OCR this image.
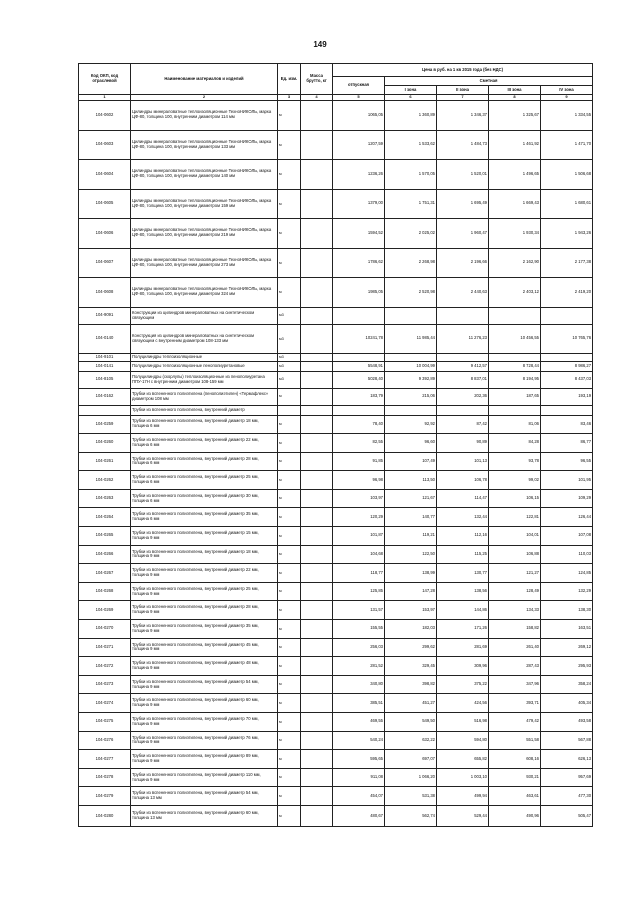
149
Код ОКП, код отраслевой	Наименование материалов и изделий	Ед. изм.	Масса брутто, кг	Цена в руб. на 1 кв 2015 года (без НДС)				
				отпускная	Сметная			
					I зона	II зона	III зона	IV зона
1	2	3	4	5	6	7	8	9
104-0602	Цилиндры минераловатные теплоизоляционные ТехноНИКОЛЬ, марка ЦФ-80, толщина 100, внутренним диаметром 114 мм	м		1065,05	1 360,89	1 346,37	1 325,67	1 334,55
104-0603	Цилиндры минераловатные теплоизоляционные ТехноНИКОЛЬ, марка ЦФ-80, толщина 100, внутренним диаметром 133 мм	м		1207,59	1 533,62	1 484,73	1 461,92	1 471,70
104-0604	Цилиндры минераловатные теплоизоляционные ТехноНИКОЛЬ, марка ЦФ-80, толщина 100, внутренним диаметром 140 мм	м		1236,26	1 570,05	1 520,01	1 496,65	1 506,68
104-0605	Цилиндры минераловатные теплоизоляционные ТехноНИКОЛЬ, марка ЦФ-80, толщина 100, внутренним диаметром 159 мм	м		1379,00	1 751,31	1 695,49	1 669,43	1 680,61
104-0606	Цилиндры минераловатные теплоизоляционные ТехноНИКОЛЬ, марка ЦФ-80, толщина 100, внутренним диаметром 219 мм	м		1594,52	2 025,02	1 960,47	1 930,34	1 943,26
104-0607	Цилиндры минераловатные теплоизоляционные ТехноНИКОЛЬ, марка ЦФ-80, толщина 100, внутренним диаметром 273 мм	м		1786,62	2 268,98	2 196,66	2 162,90	2 177,38
104-0608	Цилиндры минераловатные теплоизоляционные ТехноНИКОЛЬ, марка ЦФ-80, толщина 100, внутренним диаметром 324 мм	м		1985,05	2 520,98	2 440,63	2 403,12	2 419,20
104-9091	Конструкции из цилиндров минераловатных на синтетическом связующем	м3						
104-0140	Конструкция из цилиндров минераловатных на синтетическом связующем с внутренним диаметром 108-133 мм	м3		10241,78	11 985,44	11 276,23	10 456,55	10 765,76
104-9101	Полуцилиндры теплоизоляционные	м3						
104-0141	Полуцилиндры теплоизоляционные пенополиуретановые	м3		5548,91	10 004,99	9 412,57	8 728,44	8 986,27
104-8105	Полуцилиндры (скорлупы) теплоизоляционные из пенополиуретана ППУ-17Н с внутренним диаметром 108-159 мм	м3		5028,40	9 392,89	8 837,01	8 194,95	8 437,03
104-0162	Трубки из вспененного полиэтилена (пенополиэтилен) «Термафлекс» диаметром 108 мм	м		183,79	215,06	202,36	187,65	193,19
	Трубки из вспененного полиэтилена, внутренний диаметр							
104-0259	Трубки из вспененного полиэтилена, внутренний диаметр 18 мм, толщина 6 мм	м		78,40	92,92	87,42	81,06	83,46
104-0260	Трубки из вспененного полиэтилена, внутренний диаметр 22 мм, толщина 6 мм	м		82,55	96,60	90,89	84,28	86,77
104-0261	Трубки из вспененного полиэтилена, внутренний диаметр 28 мм, толщина 6 мм	м		91,85	107,49	101,13	93,78	96,55
104-0262	Трубки из вспененного полиэтилена, внутренний диаметр 25 мм, толщина 6 мм	м		96,98	113,50	106,78	99,02	101,95
104-0263	Трубки из вспененного полиэтилена, внутренний диаметр 30 мм, толщина 6 мм	м		103,97	121,67	114,47	106,15	109,29
104-0264	Трубки из вспененного полиэтилена, внутренний диаметр 35 мм, толщина 6 мм	м		120,29	140,77	132,44	122,81	126,44
104-0265	Трубки из вспененного полиэтилена, внутренний диаметр 15 мм, толщина 9 мм	м		101,87	119,21	112,16	104,01	107,08
104-0266	Трубки из вспененного полиэтилена, внутренний диаметр 18 мм, толщина 9 мм	м		104,68	122,50	115,25	106,88	110,03
104-0267	Трубки из вспененного полиэтилена, внутренний диаметр 22 мм, толщина 9 мм	м		118,77	138,99	130,77	121,27	124,85
104-0268	Трубки из вспененного полиэтилена, внутренний диаметр 25 мм, толщина 9 мм	м		125,85	147,28	138,56	128,49	132,29
104-0269	Трубки из вспененного полиэтилена, внутренний диаметр 28 мм, толщина 9 мм	м		131,57	153,97	144,86	134,33	138,30
104-0270	Трубки из вспененного полиэтилена, внутренний диаметр 35 мм, толщина 9 мм	м		155,55	182,03	171,26	158,82	163,51
104-0271	Трубки из вспененного полиэтилена, внутренний диаметр 45 мм, толщина 9 мм	м		256,03	299,62	281,69	261,40	269,12
104-0272	Трубки из вспененного полиэтилена, внутренний диаметр 48 мм, толщина 9 мм	м		281,52	329,45	309,96	287,43	295,93
104-0273	Трубки из вспененного полиэтилена, внутренний диаметр 54 мм, толщина 9 мм	м		340,80	398,82	375,22	347,96	358,24
104-0274	Трубки из вспененного полиэтилена, внутренний диаметр 60 мм, толщина 9 мм	м		385,51	451,27	424,56	393,71	405,34
104-0275	Трубки из вспененного полиэтилена, внутренний диаметр 70 мм, толщина 9 мм	м		469,55	549,50	516,98	479,42	493,58
104-0276	Трубки из вспененного полиэтилена, внутренний диаметр 76 мм, толщина 9 мм	м		540,24	632,22	594,80	551,58	567,88
104-0277	Трубки из вспененного полиэтилена, внутренний диаметр 89 мм, толщина 9 мм	м		595,65	697,07	655,82	608,16	626,13
104-0278	Трубки из вспененного полиэтилена, внутренний диаметр 110 мм, толщина 9 мм	м		911,08	1 066,20	1 003,10	930,21	957,69
104-0279	Трубки из вспененного полиэтилена, внутренний диаметр 54 мм, толщина 13 мм	м		454,07	531,38	499,94	463,61	477,30
104-0280	Трубки из вспененного полиэтилена, внутренний диаметр 60 мм, толщина 13 мм	м		480,67	562,74	529,44	490,96	505,47
